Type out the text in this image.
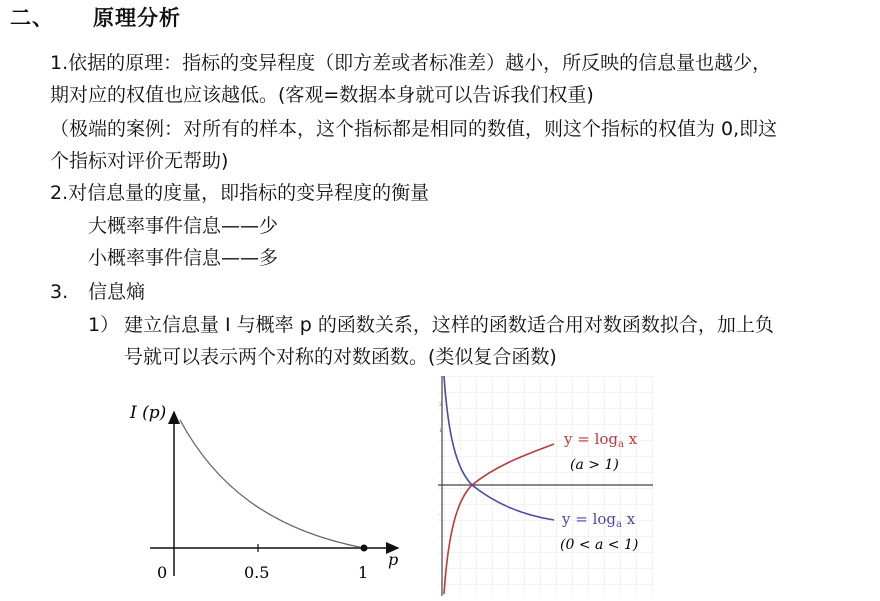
二、 原理分析
1.依据的原理：指标的变异程度（即方差或者标准差）越小，所反映的信息量也越少，
期对应的权值也应该越低。(客观=数据本身就可以告诉我们权重)
（极端的案例：对所有的样本，这个指标都是相同的数值，则这个指标的权值为 0,即这
个指标对评价无帮助)
2.对信息量的度量，即指标的变异程度的衡量
大概率事件信息——少
小概率事件信息——多
3. 信息熵
1） 建立信息量 I 与概率 p 的函数关系，这样的函数适合用对数函数拟合，加上负
号就可以表示两个对称的对数函数。(类似复合函数)
I (p)
p
0	0.5	1
2
1
-1
$y = \log_a x$
(a > 1)
$y = \log_a x$
(0 < a < 1)
